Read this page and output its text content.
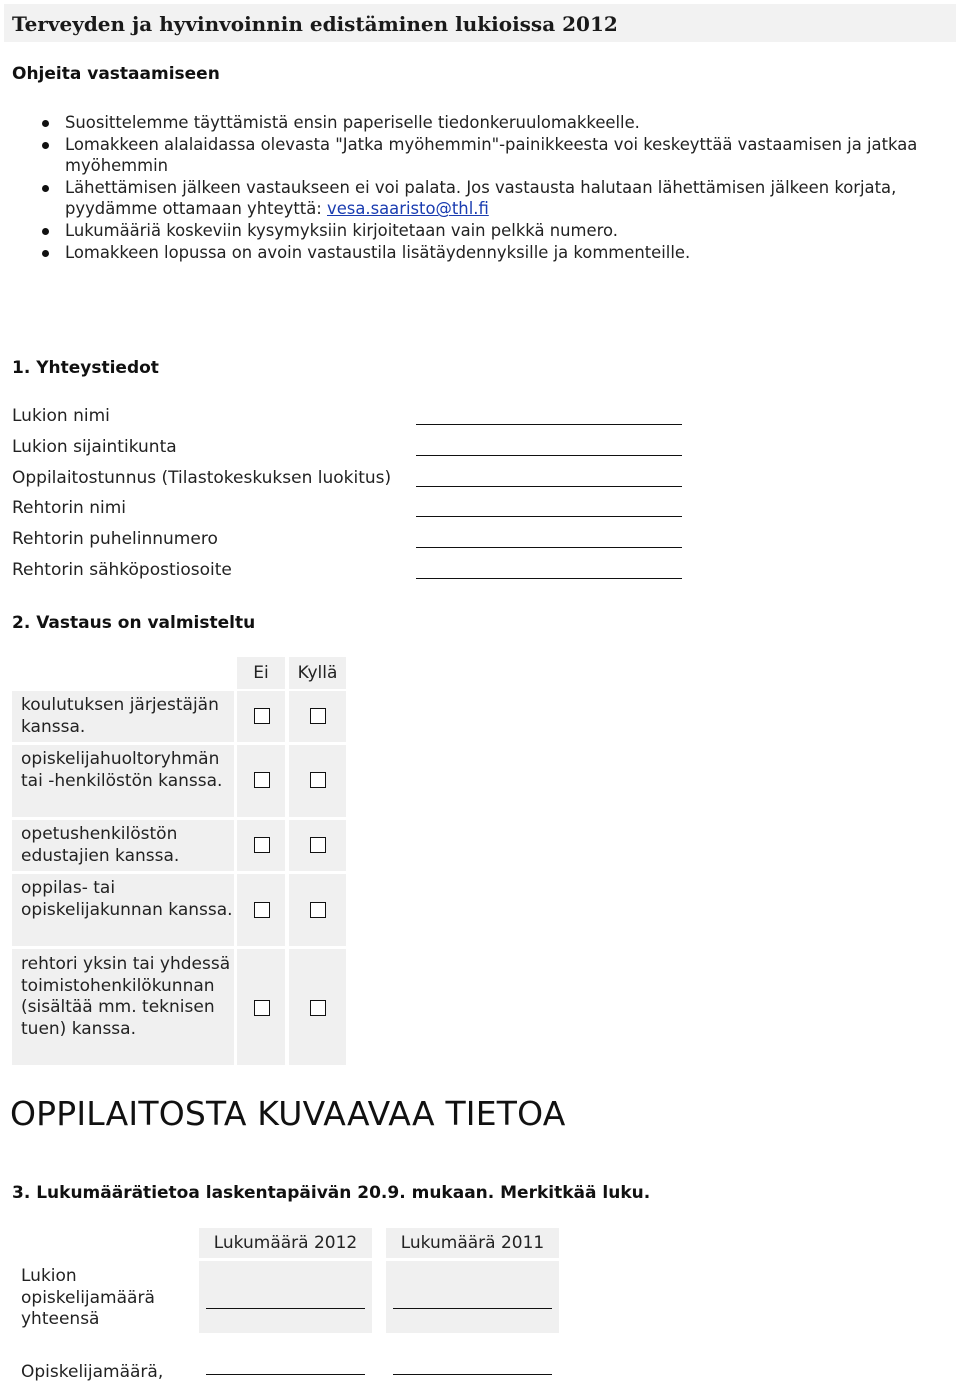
Terveyden ja hyvinvoinnin edistäminen lukioissa 2012
Ohjeita vastaamiseen
Suosittelemme täyttämistä ensin paperiselle tiedonkeruulomakkeelle.
Lomakkeen alalaidassa olevasta "Jatka myöhemmin"-painikkeesta voi keskeyttää vastaamisen ja jatkaa myöhemmin
Lähettämisen jälkeen vastaukseen ei voi palata. Jos vastausta halutaan lähettämisen jälkeen korjata, pyydämme ottamaan yhteyttä: vesa.saaristo@thl.fi
Lukumääriä koskeviin kysymyksiin kirjoitetaan vain pelkkä numero.
Lomakkeen lopussa on avoin vastaustila lisätäydennyksille ja kommenteille.
1. Yhteystiedot
Lukion nimi
Lukion sijaintikunta
Oppilaitostunnus (Tilastokeskuksen luokitus)
Rehtorin nimi
Rehtorin puhelinnumero
Rehtorin sähköpostiosoite
2. Vastaus on valmisteltu
Ei	Kyllä
koulutuksen järjestäjän kanssa.
opiskelijahuoltoryhmän tai -henkilöstön kanssa.
opetushenkilöstön edustajien kanssa.
oppilas- tai opiskelijakunnan kanssa.
rehtori yksin tai yhdessä toimistohenkilökunnan (sisältää mm. teknisen tuen) kanssa.
OPPILAITOSTA KUVAAVAA TIETOA
3. Lukumäärätietoa laskentapäivän 20.9. mukaan. Merkitkää luku.
Lukumäärä 2012	Lukumäärä 2011
Lukion opiskelijamäärä yhteensä
Opiskelijamäärä,
